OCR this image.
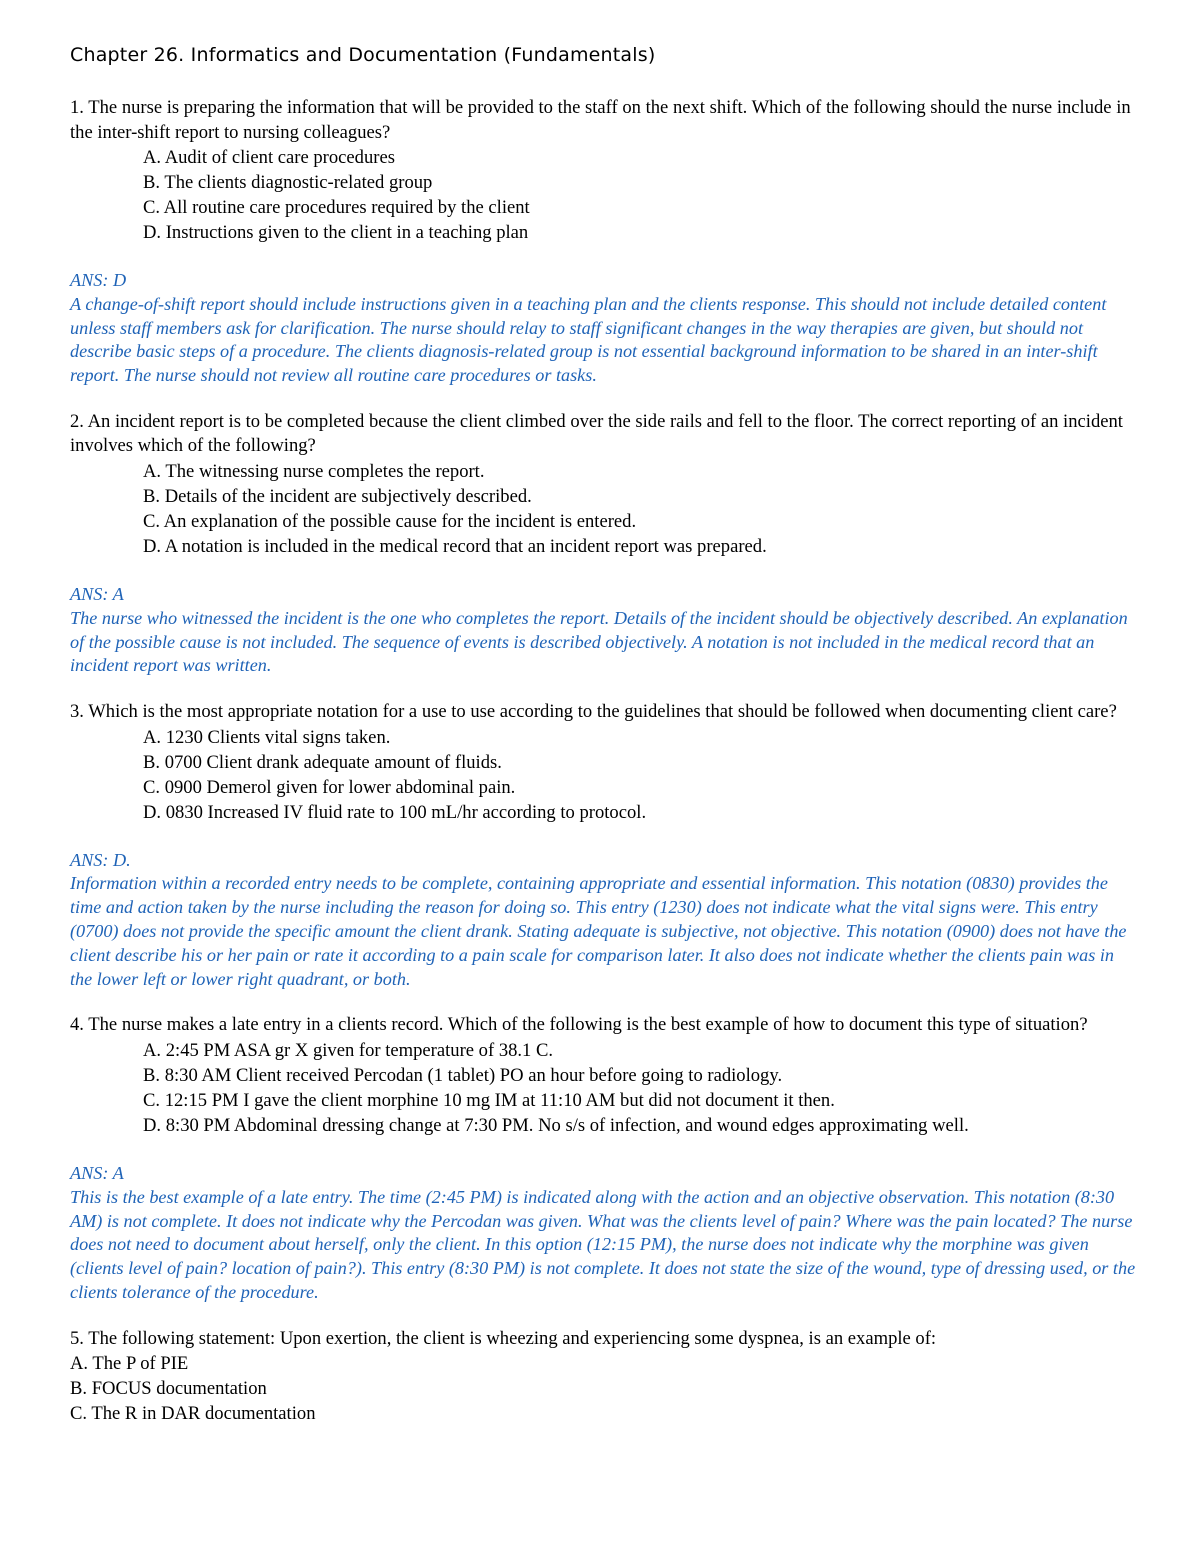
Chapter 26. Informatics and Documentation (Fundamentals)
1. The nurse is preparing the information that will be provided to the staff on the next shift. Which of the following should the nurse include in the inter-shift report to nursing colleagues?
A. Audit of client care procedures
B. The clients diagnostic-related group
C. All routine care procedures required by the client
D. Instructions given to the client in a teaching plan
ANS: D
A change-of-shift report should include instructions given in a teaching plan and the clients response. This should not include detailed content unless staff members ask for clarification. The nurse should relay to staff significant changes in the way therapies are given, but should not describe basic steps of a procedure. The clients diagnosis-related group is not essential background information to be shared in an inter-shift report. The nurse should not review all routine care procedures or tasks.
2. An incident report is to be completed because the client climbed over the side rails and fell to the floor. The correct reporting of an incident involves which of the following?
A. The witnessing nurse completes the report.
B. Details of the incident are subjectively described.
C. An explanation of the possible cause for the incident is entered.
D. A notation is included in the medical record that an incident report was prepared.
ANS: A
The nurse who witnessed the incident is the one who completes the report. Details of the incident should be objectively described. An explanation of the possible cause is not included. The sequence of events is described objectively. A notation is not included in the medical record that an incident report was written.
3. Which is the most appropriate notation for a use to use according to the guidelines that should be followed when documenting client care?
A. 1230 Clients vital signs taken.
B. 0700 Client drank adequate amount of fluids.
C. 0900 Demerol given for lower abdominal pain.
D. 0830 Increased IV fluid rate to 100 mL/hr according to protocol.
ANS: D.
Information within a recorded entry needs to be complete, containing appropriate and essential information. This notation (0830) provides the time and action taken by the nurse including the reason for doing so. This entry (1230) does not indicate what the vital signs were. This entry (0700) does not provide the specific amount the client drank. Stating adequate is subjective, not objective. This notation (0900) does not have the client describe his or her pain or rate it according to a pain scale for comparison later. It also does not indicate whether the clients pain was in the lower left or lower right quadrant, or both.
4. The nurse makes a late entry in a clients record. Which of the following is the best example of how to document this type of situation?
A. 2:45 PM ASA gr X given for temperature of 38.1 C.
B. 8:30 AM Client received Percodan (1 tablet) PO an hour before going to radiology.
C. 12:15 PM I gave the client morphine 10 mg IM at 11:10 AM but did not document it then.
D. 8:30 PM Abdominal dressing change at 7:30 PM. No s/s of infection, and wound edges approximating well.
ANS: A
This is the best example of a late entry. The time (2:45 PM) is indicated along with the action and an objective observation. This notation (8:30 AM) is not complete. It does not indicate why the Percodan was given. What was the clients level of pain? Where was the pain located? The nurse does not need to document about herself, only the client. In this option (12:15 PM), the nurse does not indicate why the morphine was given (clients level of pain? location of pain?). This entry (8:30 PM) is not complete. It does not state the size of the wound, type of dressing used, or the clients tolerance of the procedure.
5. The following statement: Upon exertion, the client is wheezing and experiencing some dyspnea, is an example of:
A. The P of PIE
B. FOCUS documentation
C. The R in DAR documentation
